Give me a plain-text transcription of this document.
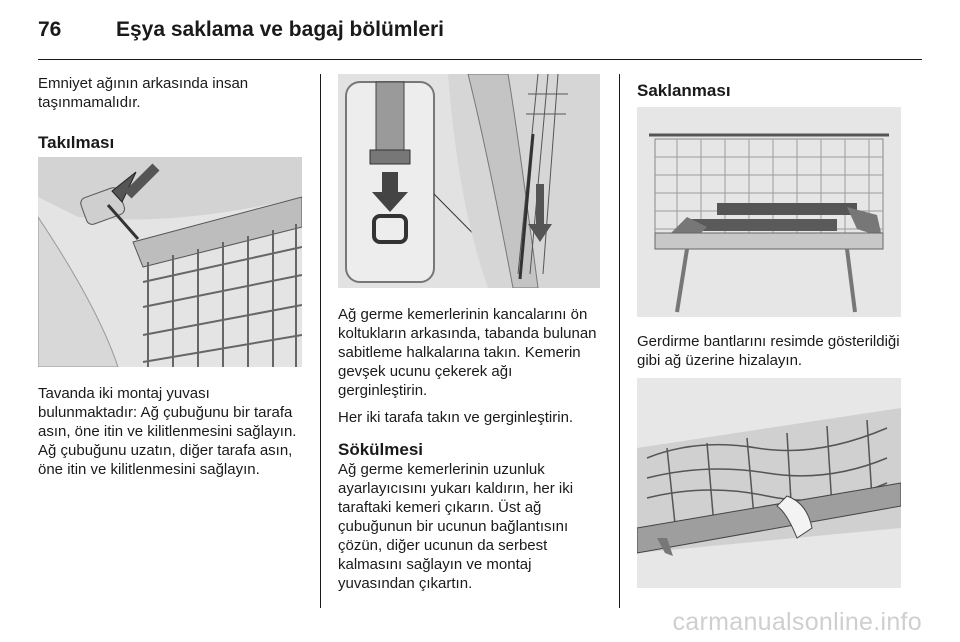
76	Eşya saklama ve bagaj bölümleri

Emniyet ağının arkasında insan taşınmamalıdır.

Takılması

Tavanda iki montaj yuvası bulunmaktadır: Ağ çubuğunu bir tarafa asın, öne itin ve kilitlenmesini sağlayın. Ağ çubuğunu uzatın, diğer tarafa asın, öne itin ve kilitlenmesini sağlayın.

Ağ germe kemerlerinin kancalarını ön koltukların arkasında, tabanda bulunan sabitleme halkalarına takın. Kemerin gevşek ucunu çekerek ağı gerginleştirin.

Her iki tarafa takın ve gerginleştirin.

Sökülmesi

Ağ germe kemerlerinin uzunluk ayarlayıcısını yukarı kaldırın, her iki taraftaki kemeri çıkarın. Üst ağ çubuğunun bir ucunun bağlantısını çözün, diğer ucunun da serbest kalmasını sağlayın ve montaj yuvasından çıkartın.

Saklanması

Gerdirme bantlarını resimde gösterildiği gibi ağ üzerine hizalayın.

carmanualsonline.info
